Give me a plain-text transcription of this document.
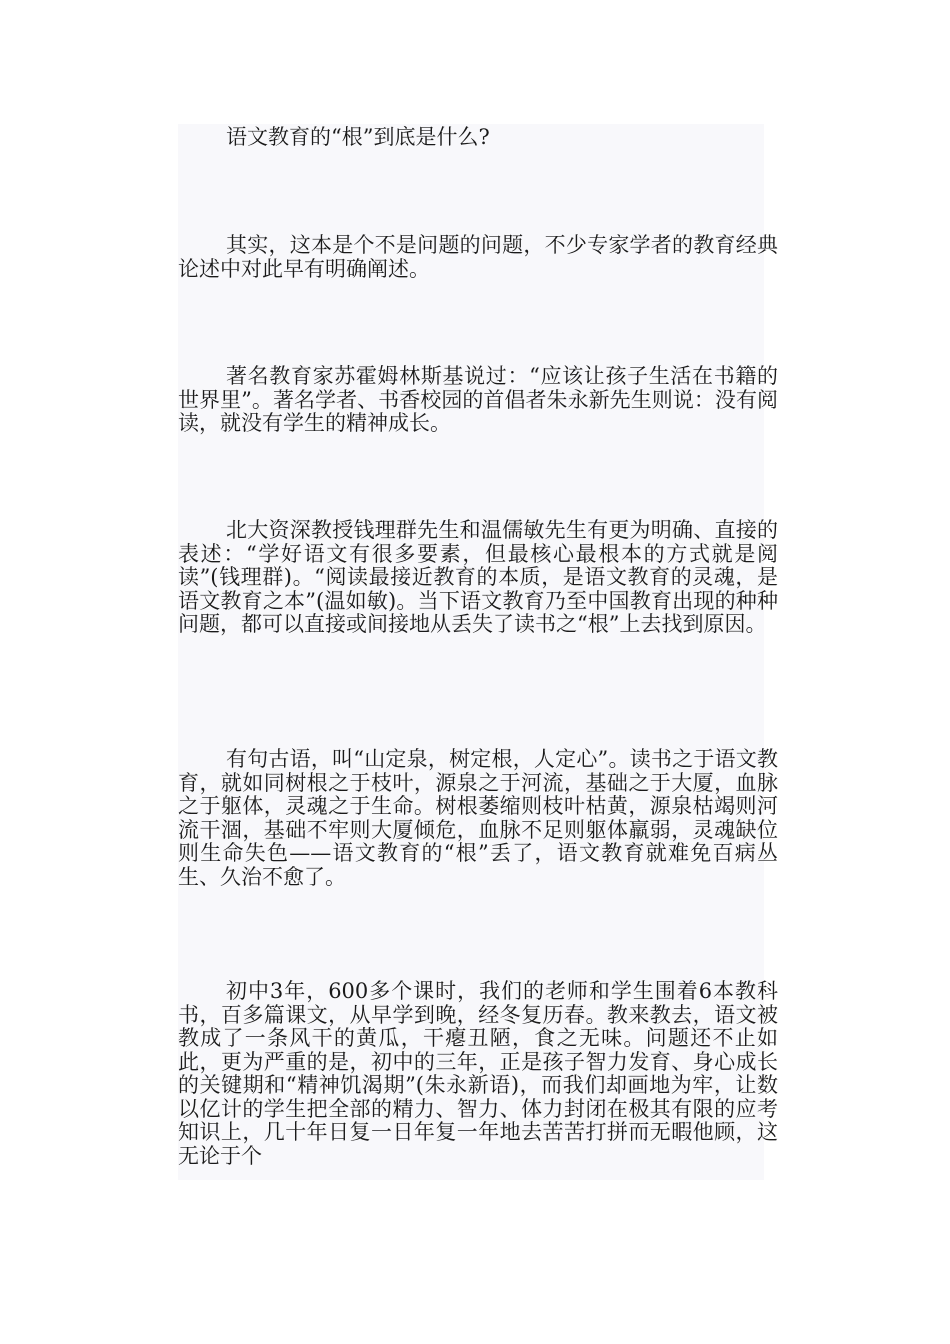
语文教育的“根”到底是什么?

其实，这本是个不是问题的问题，不少专家学者的教育经典论述中对此早有明确阐述。

著名教育家苏霍姆林斯基说过：“应该让孩子生活在书籍的世界里”。著名学者、书香校园的首倡者朱永新先生则说：没有阅读，就没有学生的精神成长。

北大资深教授钱理群先生和温儒敏先生有更为明确、直接的表述：“学好语文有很多要素，但最核心最根本的方式就是阅读”(钱理群)。“阅读最接近教育的本质，是语文教育的灵魂，是语文教育之本”(温如敏)。当下语文教育乃至中国教育出现的种种问题，都可以直接或间接地从丢失了读书之“根”上去找到原因。

有句古语，叫“山定泉，树定根，人定心”。读书之于语文教育，就如同树根之于枝叶，源泉之于河流，基础之于大厦，血脉之于躯体，灵魂之于生命。树根萎缩则枝叶枯黄，源泉枯竭则河流干涸，基础不牢则大厦倾危，血脉不足则躯体羸弱，灵魂缺位则生命失色——语文教育的“根”丢了，语文教育就难免百病丛生、久治不愈了。

初中3年，600多个课时，我们的老师和学生围着6本教科书，百多篇课文，从早学到晚，经冬复历春。教来教去，语文被教成了一条风干的黄瓜，干瘪丑陋，食之无味。问题还不止如此，更为严重的是，初中的三年，正是孩子智力发育、身心成长的关键期和“精神饥渴期”(朱永新语)，而我们却画地为牢，让数以亿计的学生把全部的精力、智力、体力封闭在极其有限的应考知识上，几十年日复一日年复一年地去苦苦打拼而无暇他顾，这无论于个
